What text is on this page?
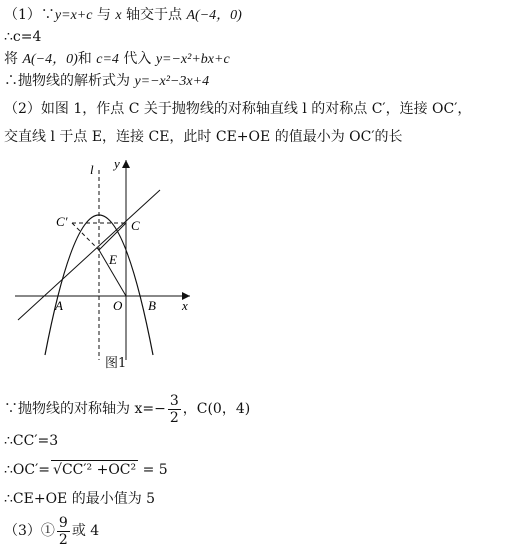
（1）∵y=x+c 与 x 轴交于点 A(−4，0)
∴c=4
将 A(−4，0)和 c=4 代入 y=−x²+bx+c
∴抛物线的解析式为 y=−x²−3x+4
（2）如图 1，作点 C 关于抛物线的对称轴直线 l 的对称点 C′，连接 OC′，
交直线 l 于点 E，连接 CE，此时 CE+OE 的值最小为 OC′的长
l y
x
C′	C
E
A	O B
图1
∵抛物线的对称轴为 $x=- \frac{3}{2}$ ，C(0，4)
∴CC′=3
∴OC′= √CC′² +OC² = 5
∴CE+OE 的最小值为 5
（3）① $\frac{9}{2}$ 或 4
